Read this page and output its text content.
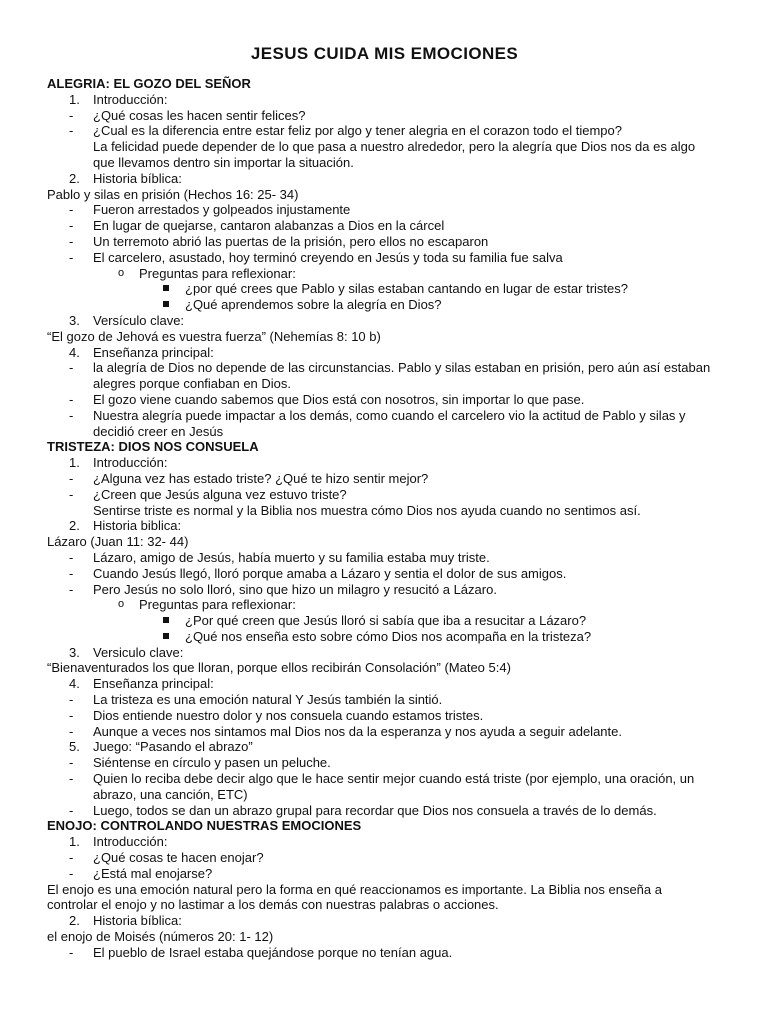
JESUS CUIDA MIS EMOCIONES
ALEGRIA: EL GOZO DEL SEÑOR
1. Introducción:
- ¿Qué cosas les hacen sentir felices?
- ¿Cual es la diferencia entre estar feliz por algo y tener alegria en el corazon todo el tiempo?
La felicidad puede depender de lo que pasa a nuestro alrededor, pero la alegría que Dios nos da es algo
que llevamos dentro sin importar la situación.
2. Historia bíblica:
Pablo y silas en prisión (Hechos 16: 25- 34)
- Fueron arrestados y golpeados injustamente
- En lugar de quejarse, cantaron alabanzas a Dios en la cárcel
- Un terremoto abrió las puertas de la prisión, pero ellos no escaparon
- El carcelero, asustado, hoy terminó creyendo en Jesús y toda su familia fue salva
o Preguntas para reflexionar:
¿por qué crees que Pablo y silas estaban cantando en lugar de estar tristes?
¿Qué aprendemos sobre la alegría en Dios?
3. Versículo clave:
“El gozo de Jehová es vuestra fuerza” (Nehemías 8: 10 b)
4. Enseñanza principal:
- la alegría de Dios no depende de las circunstancias. Pablo y silas estaban en prisión, pero aún así estaban
alegres porque confiaban en Dios.
- El gozo viene cuando sabemos que Dios está con nosotros, sin importar lo que pase.
- Nuestra alegría puede impactar a los demás, como cuando el carcelero vio la actitud de Pablo y silas y
decidió creer en Jesús
TRISTEZA: DIOS NOS CONSUELA
1. Introducción:
- ¿Alguna vez has estado triste? ¿Qué te hizo sentir mejor?
- ¿Creen que Jesús alguna vez estuvo triste?
Sentirse triste es normal y la Biblia nos muestra cómo Dios nos ayuda cuando no sentimos así.
2. Historia biblica:
Lázaro (Juan 11: 32- 44)
- Lázaro, amigo de Jesús, había muerto y su familia estaba muy triste.
- Cuando Jesús llegó, lloró porque amaba a Lázaro y sentia el dolor de sus amigos.
- Pero Jesús no solo lloró, sino que hizo un milagro y resucitó a Lázaro.
o Preguntas para reflexionar:
¿Por qué creen que Jesús lloró si sabía que iba a resucitar a Lázaro?
¿Qué nos enseña esto sobre cómo Dios nos acompaña en la tristeza?
3. Versiculo clave:
“Bienaventurados los que lloran, porque ellos recibirán Consolación” (Mateo 5:4)
4. Enseñanza principal:
- La tristeza es una emoción natural Y Jesús también la sintió.
- Dios entiende nuestro dolor y nos consuela cuando estamos tristes.
- Aunque a veces nos sintamos mal Dios nos da la esperanza y nos ayuda a seguir adelante.
5. Juego: “Pasando el abrazo”
- Siéntense en círculo y pasen un peluche.
- Quien lo reciba debe decir algo que le hace sentir mejor cuando está triste (por ejemplo, una oración, un
abrazo, una canción, ETC)
- Luego, todos se dan un abrazo grupal para recordar que Dios nos consuela a través de lo demás.
ENOJO: CONTROLANDO NUESTRAS EMOCIONES
1. Introducción:
- ¿Qué cosas te hacen enojar?
- ¿Está mal enojarse?
El enojo es una emoción natural pero la forma en qué reaccionamos es importante. La Biblia nos enseña a
controlar el enojo y no lastimar a los demás con nuestras palabras o acciones.
2. Historia bíblica:
el enojo de Moisés (números 20: 1- 12)
- El pueblo de Israel estaba quejándose porque no tenían agua.
